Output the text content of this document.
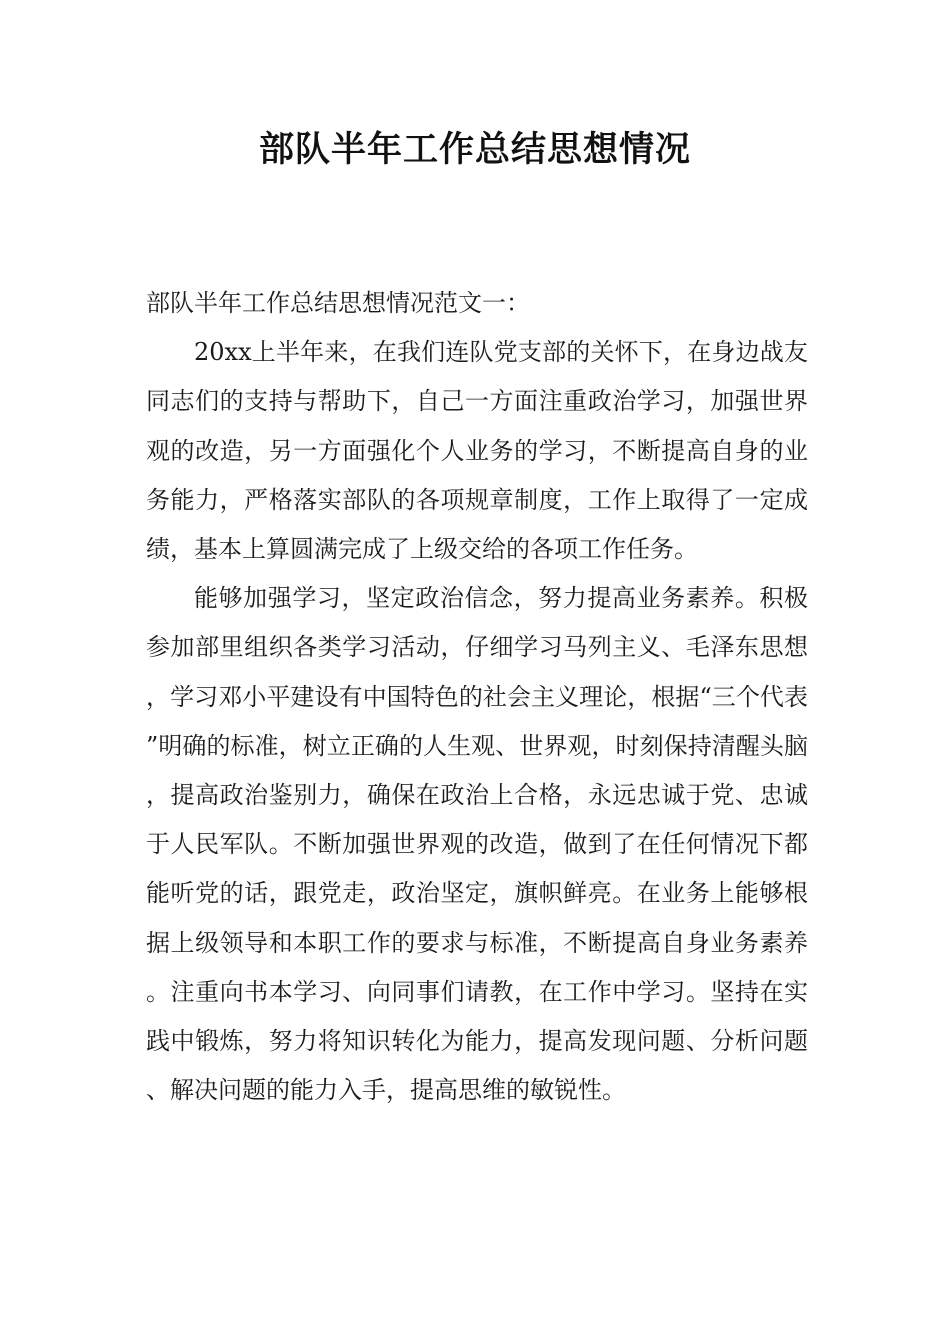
部队半年工作总结思想情况

部队半年工作总结思想情况范文一：

20xx上半年来，在我们连队党支部的关怀下，在身边战友同志们的支持与帮助下，自己一方面注重政治学习，加强世界观的改造，另一方面强化个人业务的学习，不断提高自身的业务能力，严格落实部队的各项规章制度，工作上取得了一定成绩，基本上算圆满完成了上级交给的各项工作任务。

能够加强学习，坚定政治信念，努力提高业务素养。积极参加部里组织各类学习活动，仔细学习马列主义、毛泽东思想，学习邓小平建设有中国特色的社会主义理论，根据“三个代表”明确的标准，树立正确的人生观、世界观，时刻保持清醒头脑，提高政治鉴别力，确保在政治上合格，永远忠诚于党、忠诚于人民军队。不断加强世界观的改造，做到了在任何情况下都能听党的话，跟党走，政治坚定，旗帜鲜亮。在业务上能够根据上级领导和本职工作的要求与标准，不断提高自身业务素养。注重向书本学习、向同事们请教，在工作中学习。坚持在实践中锻炼，努力将知识转化为能力，提高发现问题、分析问题、解决问题的能力入手，提高思维的敏锐性。
